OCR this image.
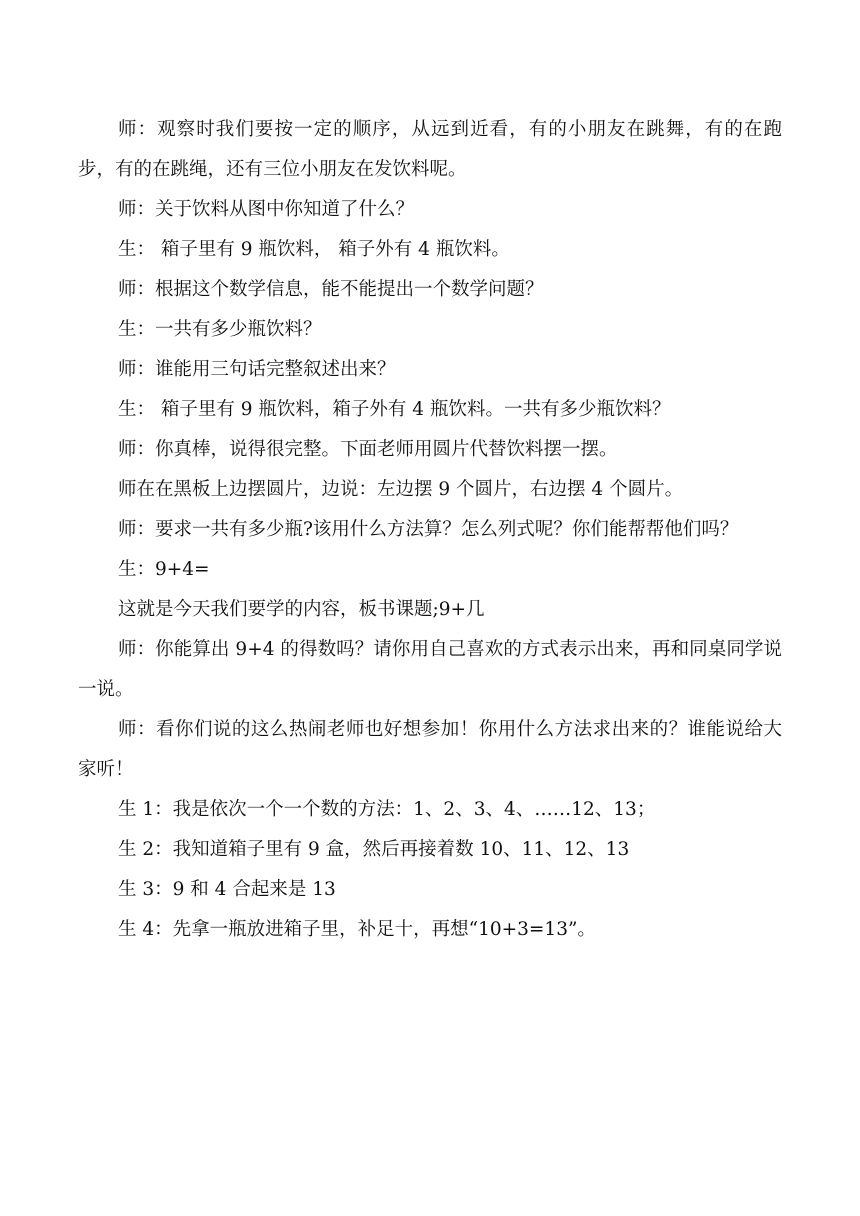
师：观察时我们要按一定的顺序，从远到近看，有的小朋友在跳舞，有的在跑步，有的在跳绳，还有三位小朋友在发饮料呢。

师：关于饮料从图中你知道了什么？

生： 箱子里有 9 瓶饮料， 箱子外有 4 瓶饮料。

师：根据这个数学信息，能不能提出一个数学问题？

生：一共有多少瓶饮料？

师：谁能用三句话完整叙述出来？

生： 箱子里有 9 瓶饮料，箱子外有 4 瓶饮料。一共有多少瓶饮料？

师：你真棒，说得很完整。下面老师用圆片代替饮料摆一摆。

师在在黑板上边摆圆片，边说：左边摆 9 个圆片，右边摆 4 个圆片。

师：要求一共有多少瓶?该用什么方法算？怎么列式呢？你们能帮帮他们吗？

生：9+4=

这就是今天我们要学的内容，板书课题;9+几

师：你能算出 9+4 的得数吗？请你用自己喜欢的方式表示出来，再和同桌同学说一说。

师：看你们说的这么热闹老师也好想参加！你用什么方法求出来的？谁能说给大家听！

生 1：我是依次一个一个数的方法：1、2、3、4、……12、13；

生 2：我知道箱子里有 9 盒，然后再接着数 10、11、12、13

生 3：9 和 4 合起来是 13

生 4：先拿一瓶放进箱子里，补足十，再想“10+3=13”。
